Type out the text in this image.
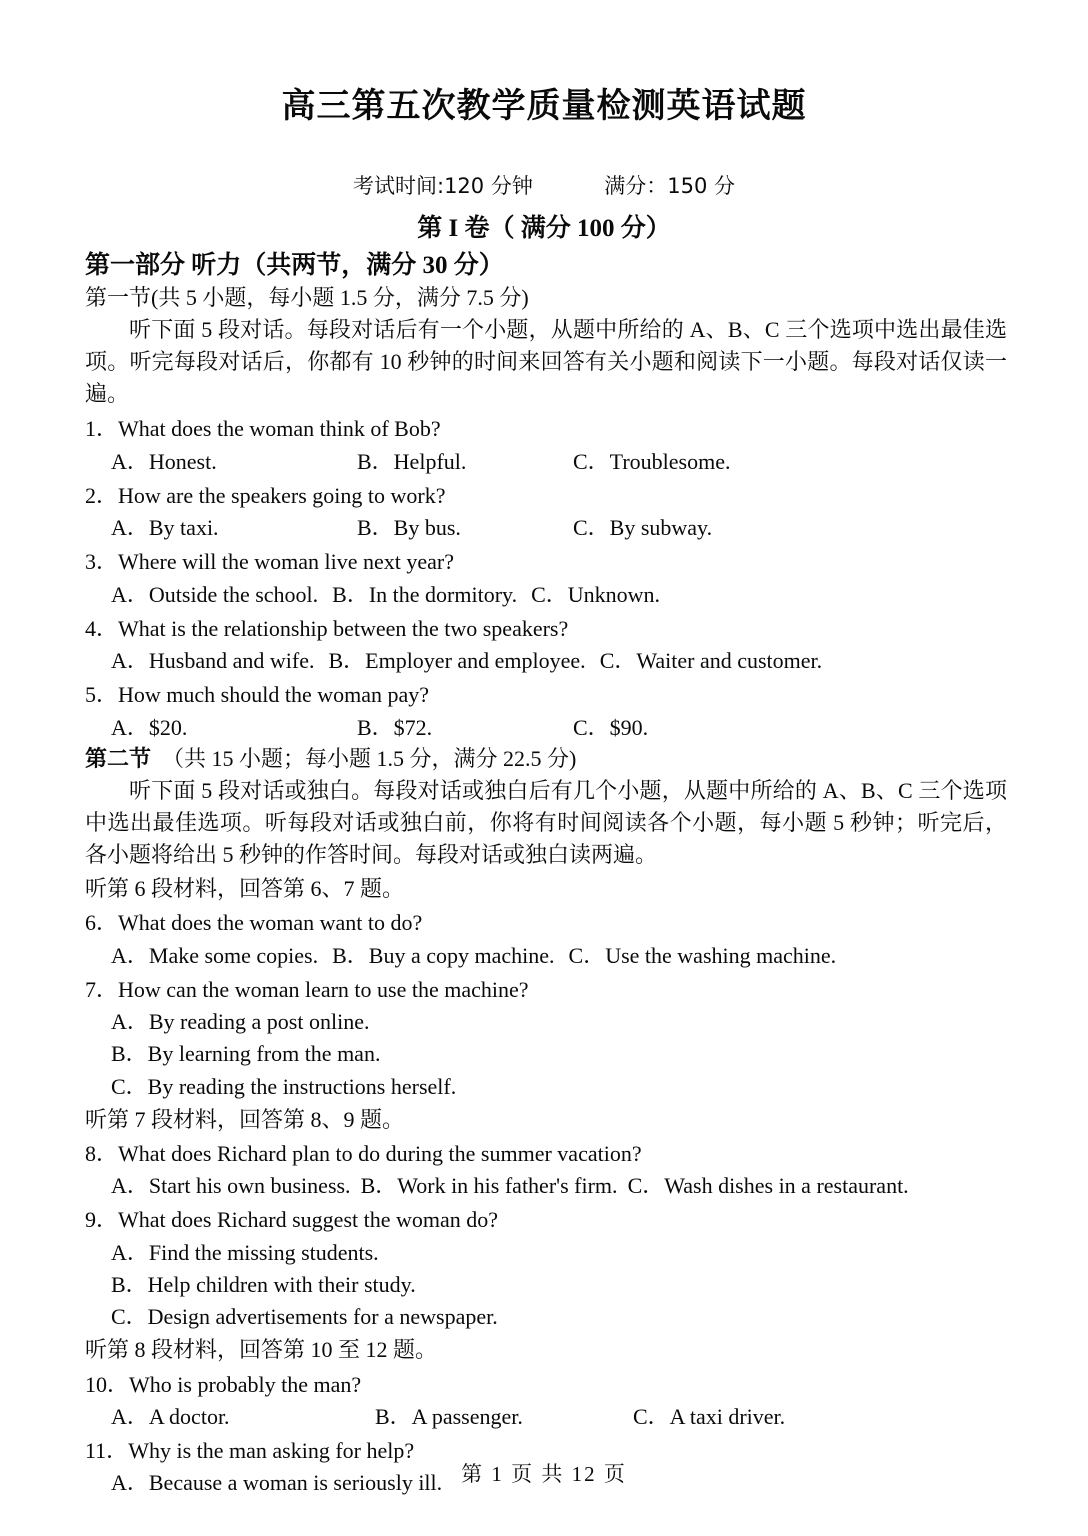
高三第五次教学质量检测英语试题
考试时间:120 分钟	满分：150 分
第 I 卷（ 满分 100 分）
第一部分 听力（共两节，满分 30 分）
第一节(共 5 小题，每小题 1.5 分，满分 7.5 分)
听下面 5 段对话。每段对话后有一个小题，从题中所给的 A、B、C 三个选项中选出最佳选项。听完每段对话后，你都有 10 秒钟的时间来回答有关小题和阅读下一小题。每段对话仅读一遍。
1．What does the woman think of Bob?
A．Honest.	B．Helpful.	C．Troublesome.
2．How are the speakers going to work?
A．By taxi.	B．By bus.	C．By subway.
3．Where will the woman live next year?
A．Outside the school. B．In the dormitory. C．Unknown.
4．What is the relationship between the two speakers?
A．Husband and wife. B．Employer and employee. C．Waiter and customer.
5．How much should the woman pay?
A．$20.	B．$72.	C．$90.
第二节 （共 15 小题；每小题 1.5 分，满分 22.5 分)
听下面 5 段对话或独白。每段对话或独白后有几个小题，从题中所给的 A、B、C 三个选项中选出最佳选项。听每段对话或独白前，你将有时间阅读各个小题，每小题 5 秒钟；听完后，各小题将给出 5 秒钟的作答时间。每段对话或独白读两遍。
听第 6 段材料，回答第 6、7 题。
6．What does the woman want to do?
A．Make some copies. B．Buy a copy machine. C．Use the washing machine.
7．How can the woman learn to use the machine?
A．By reading a post online.
B．By learning from the man.
C．By reading the instructions herself.
听第 7 段材料，回答第 8、9 题。
8．What does Richard plan to do during the summer vacation?
A．Start his own business. B．Work in his father's firm. C．Wash dishes in a restaurant.
9．What does Richard suggest the woman do?
A．Find the missing students.
B．Help children with their study.
C．Design advertisements for a newspaper.
听第 8 段材料，回答第 10 至 12 题。
10．Who is probably the man?
A．A doctor.	B．A passenger.	C．A taxi driver.
11．Why is the man asking for help?
A．Because a woman is seriously ill. 第 1 页 共 12 页
